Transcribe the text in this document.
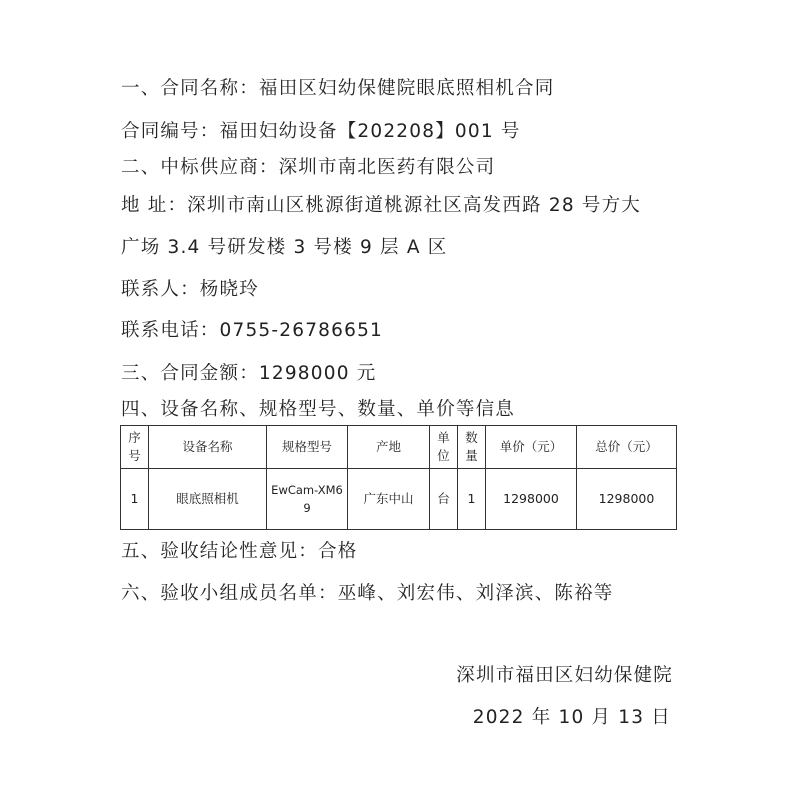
一、合同名称：福田区妇幼保健院眼底照相机合同
合同编号：福田妇幼设备【202208】001 号
二、中标供应商：深圳市南北医药有限公司
地 址：深圳市南山区桃源街道桃源社区高发西路 28 号方大
广场 3.4 号研发楼 3 号楼 9 层 A 区
联系人：杨晓玲
联系电话：0755-26786651
三、合同金额：1298000 元
四、设备名称、规格型号、数量、单价等信息
序号	设备名称	规格型号	产地	单位	数量	单价（元）	总价（元）
1	眼底照相机	EwCam-XM69	广东中山	台	1	1298000	1298000
五、验收结论性意见：合格
六、验收小组成员名单：巫峰、刘宏伟、刘泽滨、陈裕等
深圳市福田区妇幼保健院
2022 年 10 月 13 日
